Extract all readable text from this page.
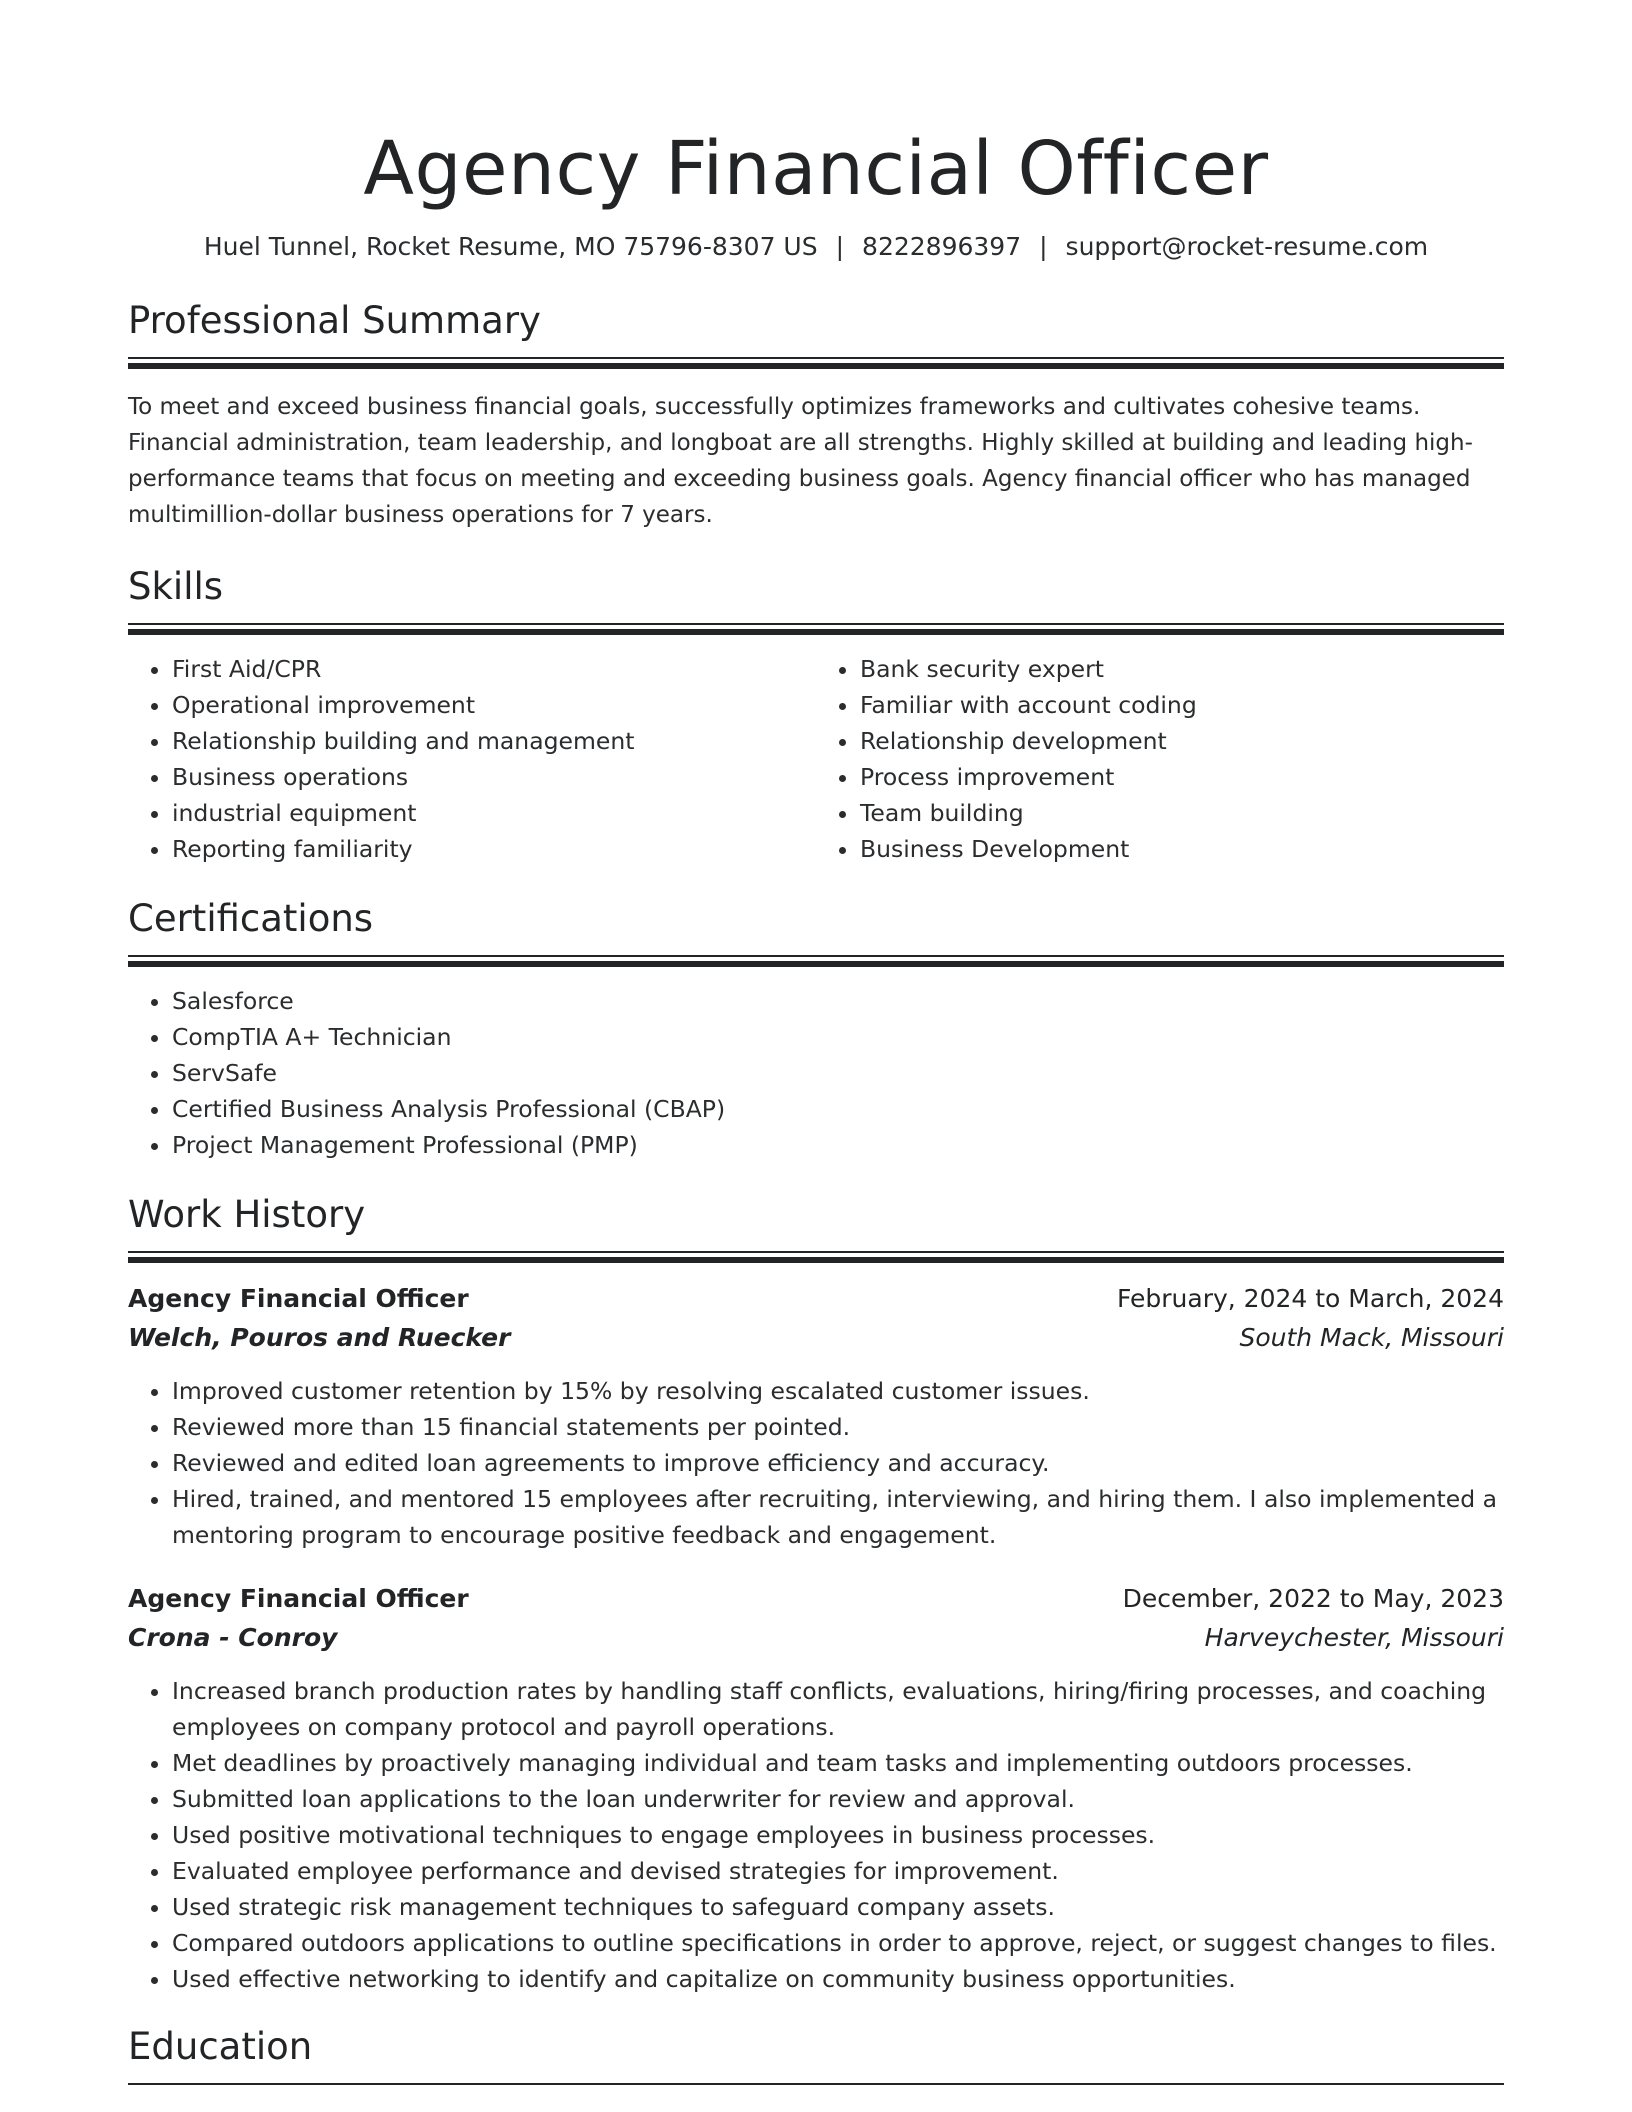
Agency Financial Officer
Huel Tunnel, Rocket Resume, MO 75796-8307 US | 8222896397 | support@rocket-resume.com
Professional Summary

To meet and exceed business financial goals, successfully optimizes frameworks and cultivates cohesive teams. Financial administration, team leadership, and longboat are all strengths. Highly skilled at building and leading high-performance teams that focus on meeting and exceeding business goals. Agency financial officer who has managed multimillion-dollar business operations for 7 years.

Skills
• First Aid/CPR
• Operational improvement
• Relationship building and management
• Business operations
• industrial equipment
• Reporting familiarity
• Bank security expert
• Familiar with account coding
• Relationship development
• Process improvement
• Team building
• Business Development
Certifications
• Salesforce
• CompTIA A+ Technician
• ServSafe
• Certified Business Analysis Professional (CBAP)
• Project Management Professional (PMP)
Work History
Agency Financial Officer	February, 2024 to March, 2024
Welch, Pouros and Ruecker	South Mack, Missouri
• Improved customer retention by 15% by resolving escalated customer issues.
• Reviewed more than 15 financial statements per pointed.
• Reviewed and edited loan agreements to improve efficiency and accuracy.
• Hired, trained, and mentored 15 employees after recruiting, interviewing, and hiring them. I also implemented a mentoring program to encourage positive feedback and engagement.
Agency Financial Officer	December, 2022 to May, 2023
Crona - Conroy	Harveychester, Missouri
• Increased branch production rates by handling staff conflicts, evaluations, hiring/firing processes, and coaching employees on company protocol and payroll operations.
• Met deadlines by proactively managing individual and team tasks and implementing outdoors processes.
• Submitted loan applications to the loan underwriter for review and approval.
• Used positive motivational techniques to engage employees in business processes.
• Evaluated employee performance and devised strategies for improvement.
• Used strategic risk management techniques to safeguard company assets.
• Compared outdoors applications to outline specifications in order to approve, reject, or suggest changes to files.
• Used effective networking to identify and capitalize on community business opportunities.
Education
